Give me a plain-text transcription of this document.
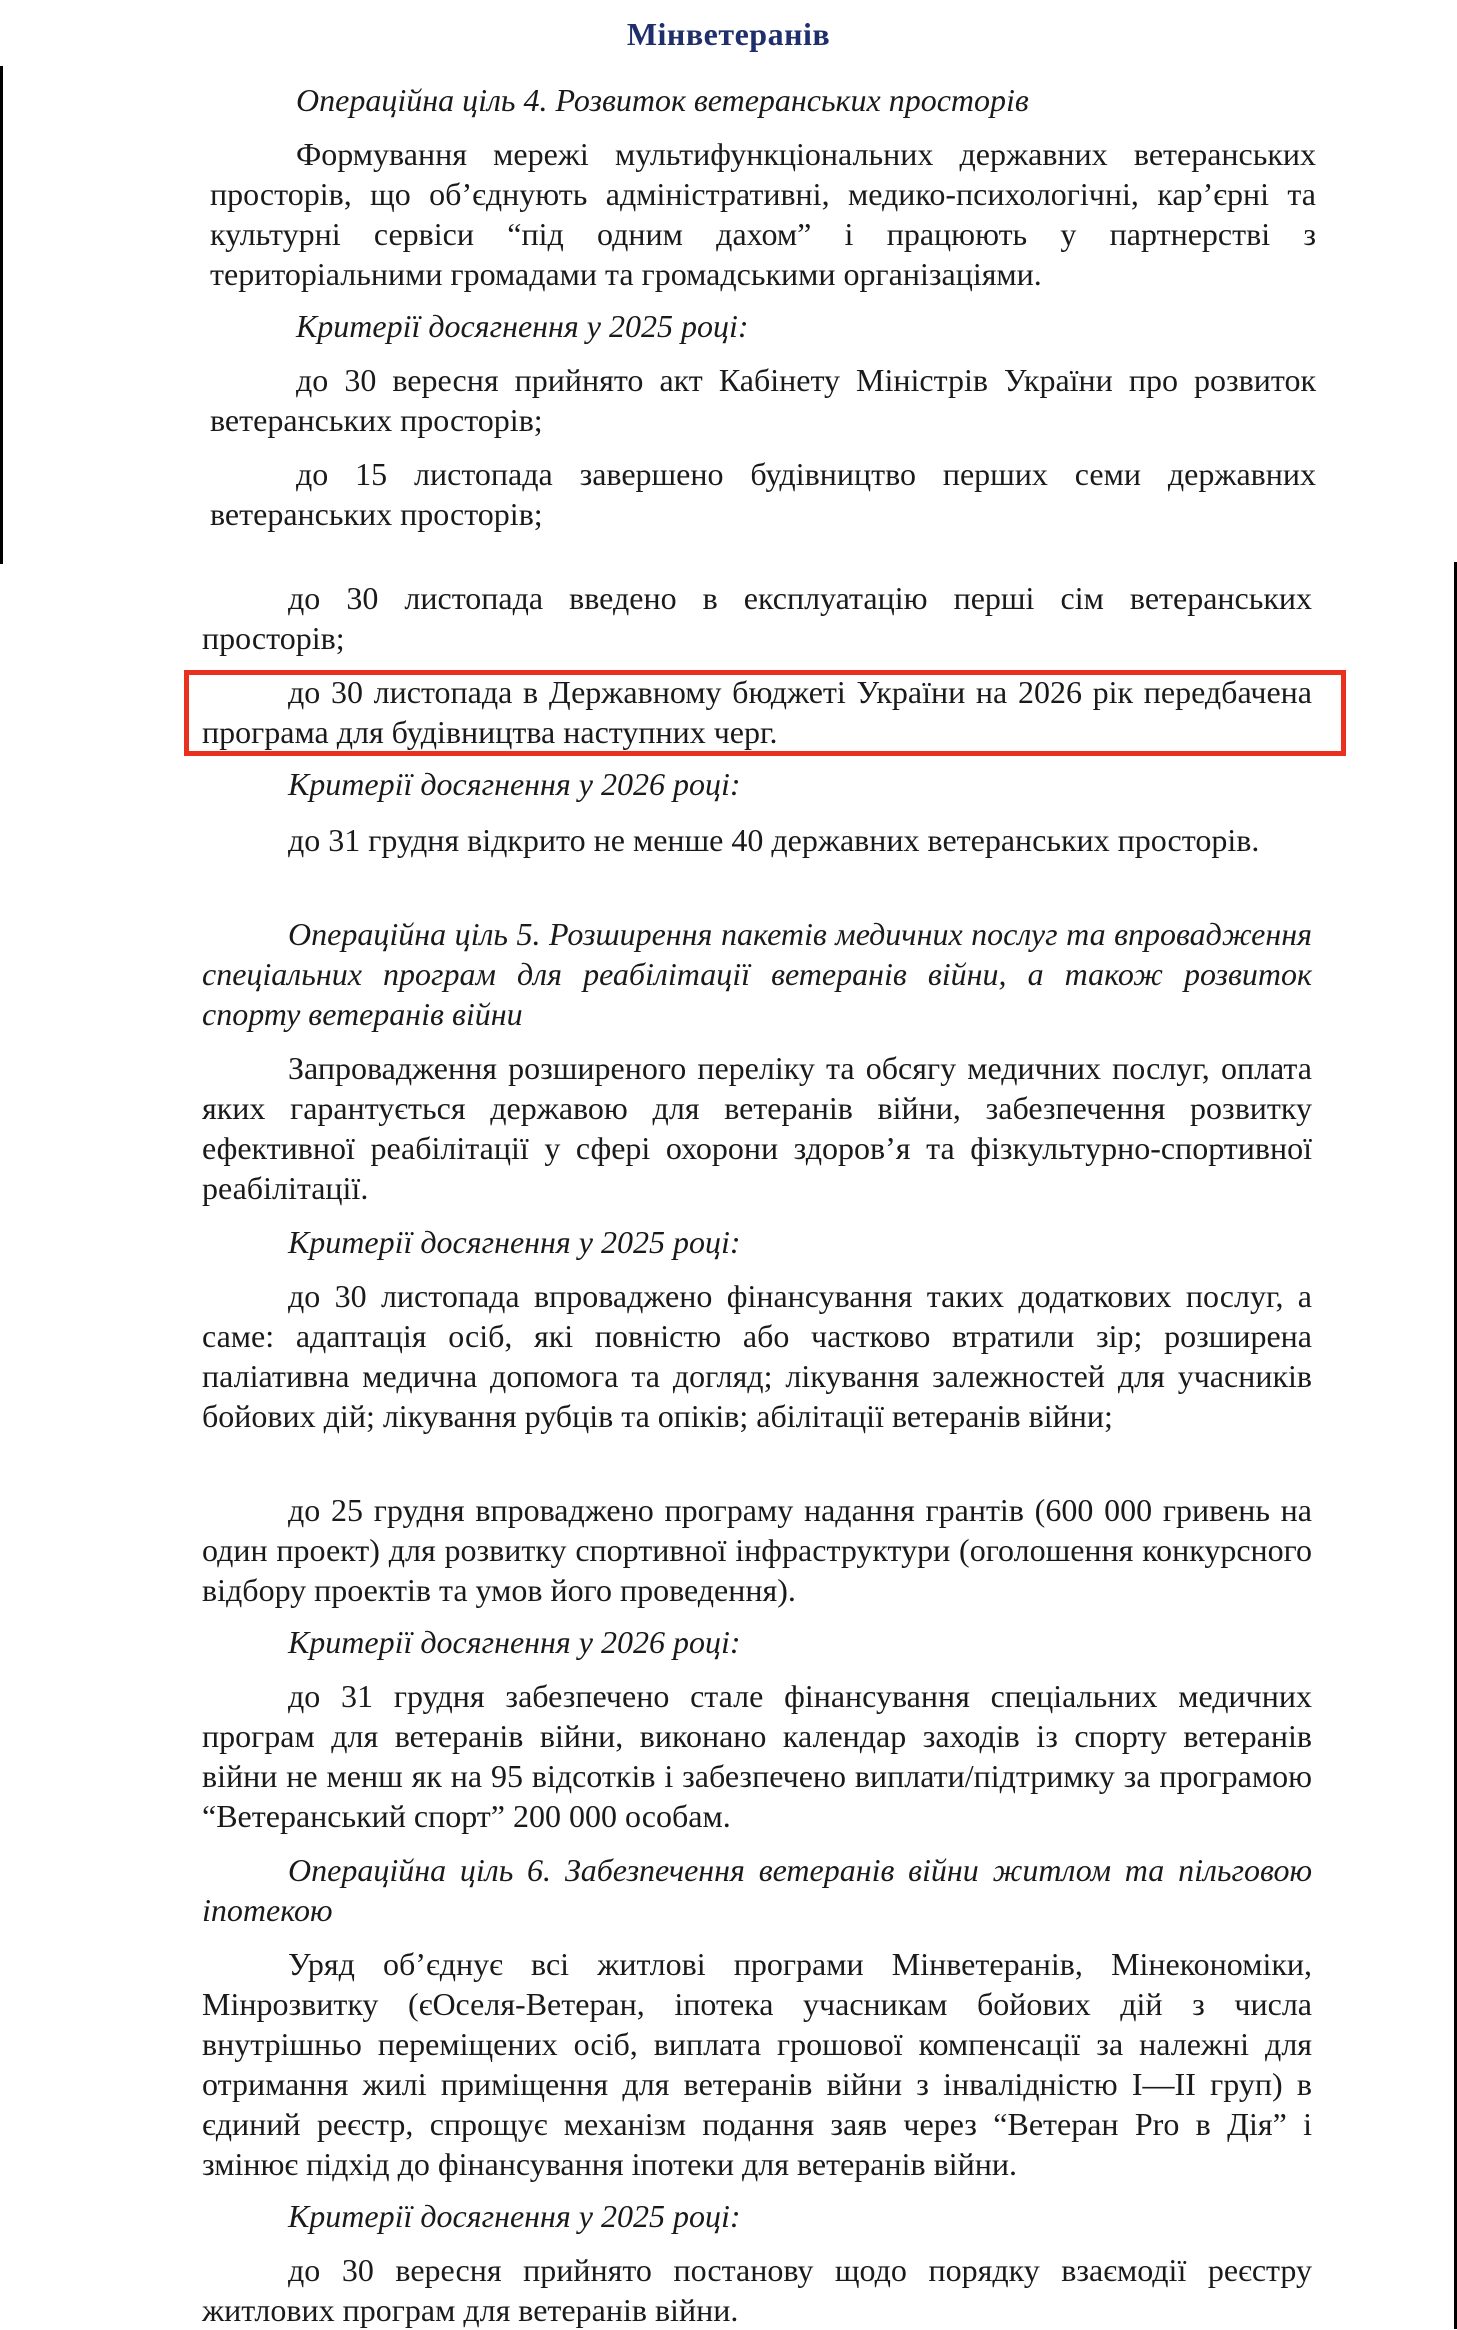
Мінветеранів
Операційна ціль 4. Розвиток ветеранських просторів
Формування мережі мультифункціональних державних ветеранських просторів, що об’єднують адміністративні, медико-психологічні, кар’єрні та культурні сервіси “під одним дахом” і працюють у партнерстві з територіальними громадами та громадськими організаціями.
Критерії досягнення у 2025 році:
до 30 вересня прийнято акт Кабінету Міністрів України про розвиток ветеранських просторів;
до 15 листопада завершено будівництво перших семи державних ветеранських просторів;
до 30 листопада введено в експлуатацію перші сім ветеранських просторів;
до 30 листопада в Державному бюджеті України на 2026 рік передбачена програма для будівництва наступних черг.
Критерії досягнення у 2026 році:
до 31 грудня відкрито не менше 40 державних ветеранських просторів.
Операційна ціль 5. Розширення пакетів медичних послуг та впровадження спеціальних програм для реабілітації ветеранів війни, а також розвиток спорту ветеранів війни
Запровадження розширеного переліку та обсягу медичних послуг, оплата яких гарантується державою для ветеранів війни, забезпечення розвитку ефективної реабілітації у сфері охорони здоров’я та фізкультурно-спортивної реабілітації.
Критерії досягнення у 2025 році:
до 30 листопада впроваджено фінансування таких додаткових послуг, а саме: адаптація осіб, які повністю або частково втратили зір; розширена паліативна медична допомога та догляд; лікування залежностей для учасників бойових дій; лікування рубців та опіків; абілітації ветеранів війни;
до 25 грудня впроваджено програму надання грантів (600 000 гривень на один проект) для розвитку спортивної інфраструктури (оголошення конкурсного відбору проектів та умов його проведення).
Критерії досягнення у 2026 році:
до 31 грудня забезпечено стале фінансування спеціальних медичних програм для ветеранів війни, виконано календар заходів із спорту ветеранів війни не менш як на 95 відсотків і забезпечено виплати/підтримку за програмою “Ветеранський спорт” 200 000 особам.
Операційна ціль 6. Забезпечення ветеранів війни житлом та пільговою іпотекою
Уряд об’єднує всі житлові програми Мінветеранів, Мінекономіки, Мінрозвитку (єОселя-Ветеран, іпотека учасникам бойових дій з числа внутрішньо переміщених осіб, виплата грошової компенсації за належні для отримання жилі приміщення для ветеранів війни з інвалідністю I—II груп) в єдиний реєстр, спрощує механізм подання заяв через “Ветеран Pro в Дія” і змінює підхід до фінансування іпотеки для ветеранів війни.
Критерії досягнення у 2025 році:
до 30 вересня прийнято постанову щодо порядку взаємодії реєстру житлових програм для ветеранів війни.
